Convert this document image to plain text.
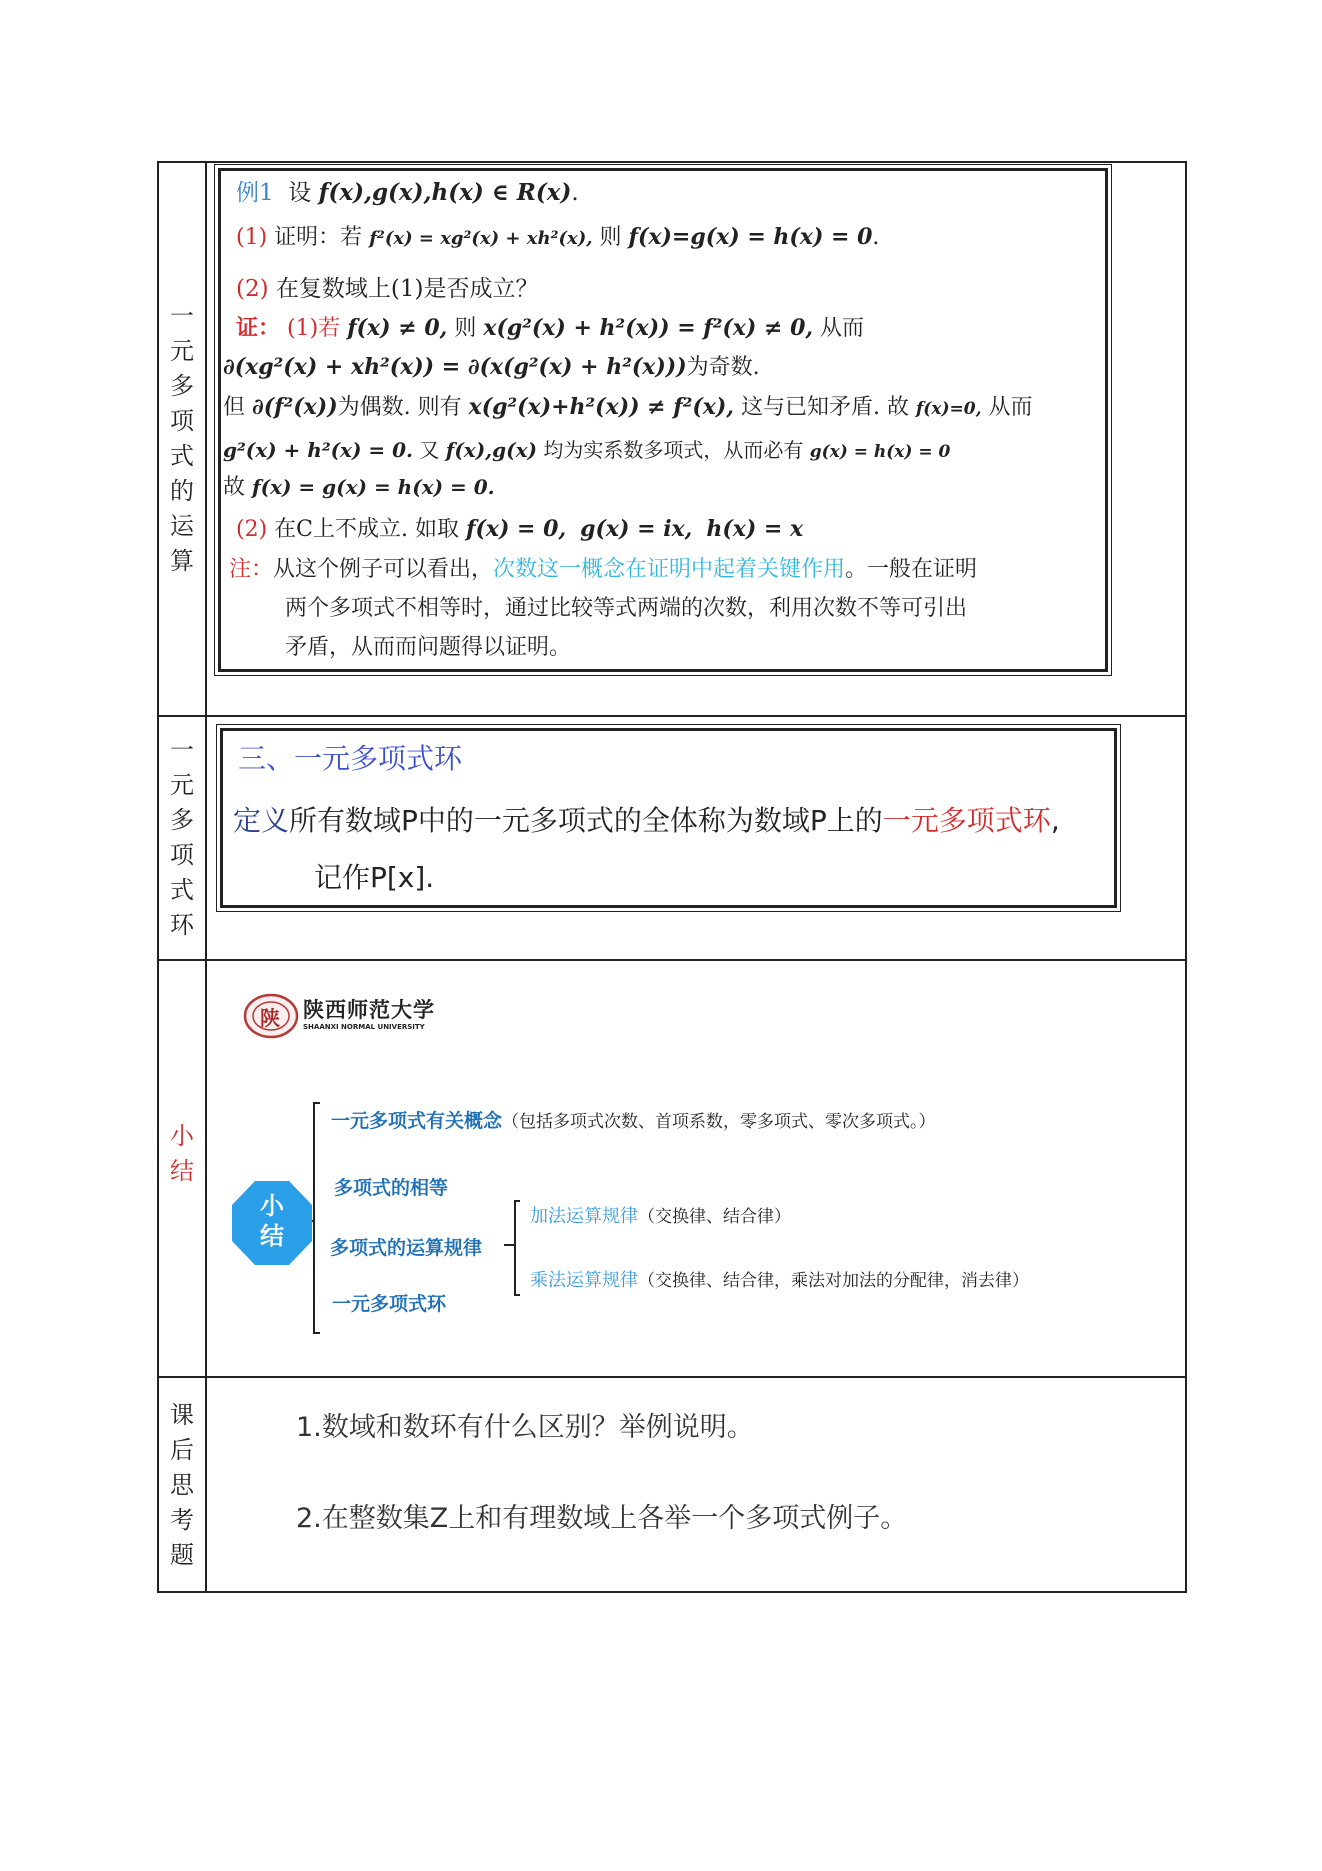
一
元
多
项
式
的
运
算
一
元
多
项
式
环
小
结
课
后
思
考
题
例1 设 f(x),g(x),h(x) ∈ R(x).
(1) 证明：若 f²(x) = xg²(x) + xh²(x), 则 f(x)=g(x) = h(x) = 0.
(2) 在复数域上(1)是否成立？
证： (1)若 f(x) ≠ 0, 则 x(g²(x) + h²(x)) = f²(x) ≠ 0, 从而
∂(xg²(x) + xh²(x)) = ∂(x(g²(x) + h²(x)))为奇数.
但 ∂(f²(x))为偶数. 则有 x(g²(x)+h²(x)) ≠ f²(x), 这与已知矛盾. 故 f(x)=0, 从而
g²(x) + h²(x) = 0. 又 f(x),g(x) 均为实系数多项式，从而必有 g(x) = h(x) = 0
故 f(x) = g(x) = h(x) = 0.
(2) 在C上不成立. 如取 f(x) = 0, g(x) = ix, h(x) = x
注：从这个例子可以看出，次数这一概念在证明中起着关键作用。一般在证明
两个多项式不相等时，通过比较等式两端的次数，利用次数不等可引出
矛盾，从而而问题得以证明。
三、一元多项式环
定义所有数域P中的一元多项式的全体称为数域P上的一元多项式环,
记作P[x].
陕 陕西师范大学
SHAANXI NORMAL UNIVERSITY
小
结
一元多项式有关概念（包括多项式次数、首项系数，零多项式、零次多项式。）
多项式的相等
多项式的运算规律
一元多项式环
加法运算规律（交换律、结合律）
乘法运算规律（交换律、结合律，乘法对加法的分配律，消去律）
1.数域和数环有什么区别？举例说明。
2.在整数集Z上和有理数域上各举一个多项式例子。
